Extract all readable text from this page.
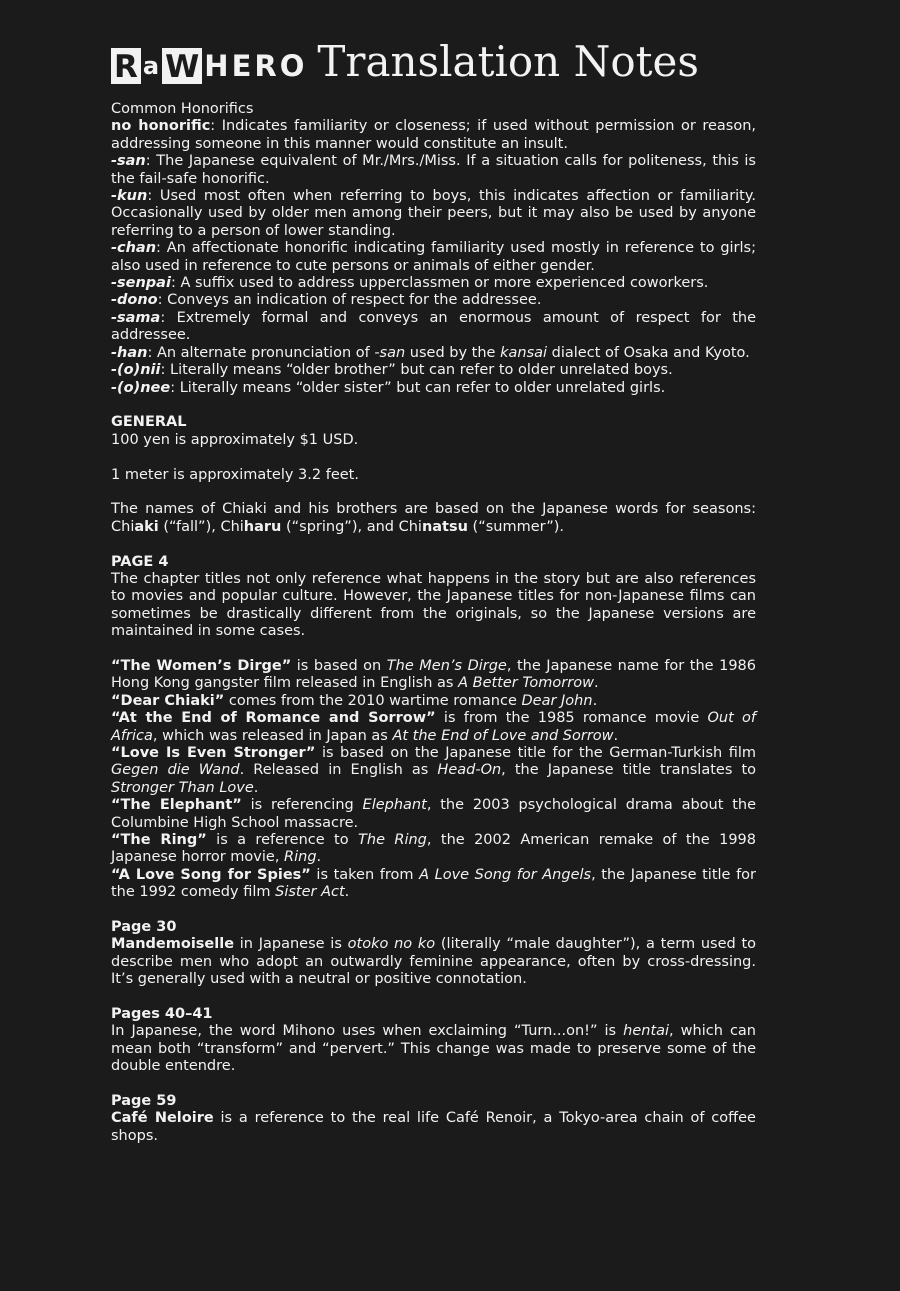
R a W H E R O Translation Notes

Common Honorifics

no honorific: Indicates familiarity or closeness; if used without permission or reason, addressing someone in this manner would constitute an insult.

-san: The Japanese equivalent of Mr./Mrs./Miss. If a situation calls for politeness, this is the fail-safe honorific.

-kun: Used most often when referring to boys, this indicates affection or familiarity. Occasionally used by older men among their peers, but it may also be used by anyone referring to a person of lower standing.

-chan: An affectionate honorific indicating familiarity used mostly in reference to girls; also used in reference to cute persons or animals of either gender.

-senpai: A suffix used to address upperclassmen or more experienced coworkers.

-dono: Conveys an indication of respect for the addressee.

-sama: Extremely formal and conveys an enormous amount of respect for the addressee.

-han: An alternate pronunciation of -san used by the kansai dialect of Osaka and Kyoto.

-(o)nii: Literally means “older brother” but can refer to older unrelated boys.

-(o)nee: Literally means “older sister” but can refer to older unrelated girls.

GENERAL

100 yen is approximately $1 USD.

1 meter is approximately 3.2 feet.

The names of Chiaki and his brothers are based on the Japanese words for seasons: Chiaki (“fall”), Chiharu (“spring”), and Chinatsu (“summer”).

PAGE 4

The chapter titles not only reference what happens in the story but are also references to movies and popular culture. However, the Japanese titles for non-Japanese films can sometimes be drastically different from the originals, so the Japanese versions are maintained in some cases.

“The Women’s Dirge” is based on The Men’s Dirge, the Japanese name for the 1986 Hong Kong gangster film released in English as A Better Tomorrow.

“Dear Chiaki” comes from the 2010 wartime romance Dear John.

“At the End of Romance and Sorrow” is from the 1985 romance movie Out of Africa, which was released in Japan as At the End of Love and Sorrow.

“Love Is Even Stronger” is based on the Japanese title for the German-Turkish film Gegen die Wand. Released in English as Head-On, the Japanese title translates to Stronger Than Love.

“The Elephant” is referencing Elephant, the 2003 psychological drama about the Columbine High School massacre.

“The Ring” is a reference to The Ring, the 2002 American remake of the 1998 Japanese horror movie, Ring.

“A Love Song for Spies” is taken from A Love Song for Angels, the Japanese title for the 1992 comedy film Sister Act.

Page 30

Mandemoiselle in Japanese is otoko no ko (literally “male daughter”), a term used to describe men who adopt an outwardly feminine appearance, often by cross-dressing. It’s generally used with a neutral or positive connotation.

Pages 40–41

In Japanese, the word Mihono uses when exclaiming “Turn...on!” is hentai, which can mean both “transform” and “pervert.” This change was made to preserve some of the double entendre.

Page 59

Café Neloire is a reference to the real life Café Renoir, a Tokyo-area chain of coffee shops.
